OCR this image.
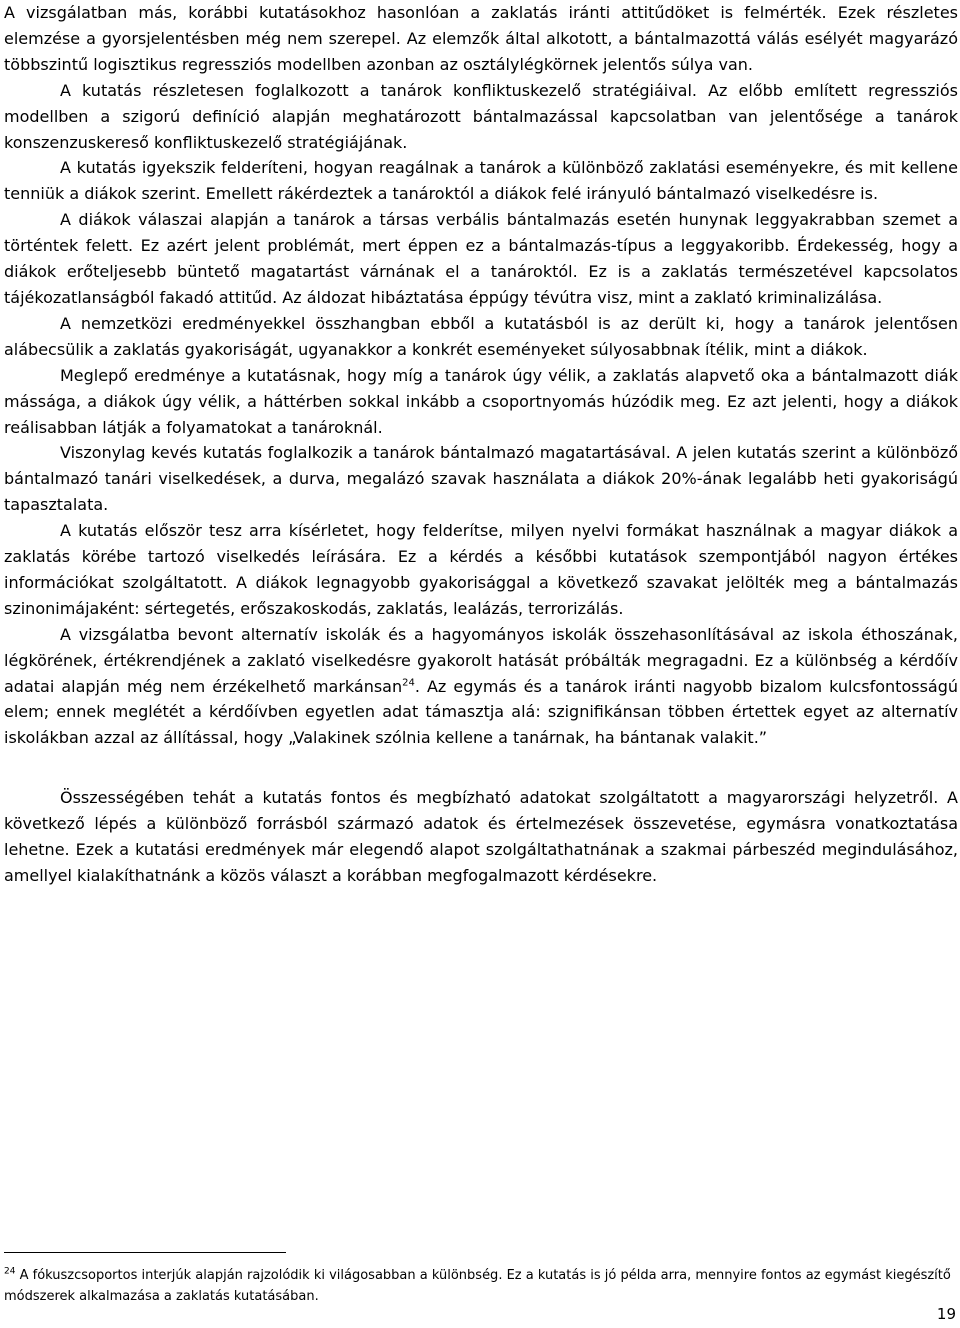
A vizsgálatban más, korábbi kutatásokhoz hasonlóan a zaklatás iránti attitűdöket is felmérték. Ezek részletes elemzése a gyorsjelentésben még nem szerepel. Az elemzők által alkotott, a bántalmazottá válás esélyét magyarázó többszintű logisztikus regressziós modellben azonban az osztálylégkörnek jelentős súlya van.

A kutatás részletesen foglalkozott a tanárok konfliktuskezelő stratégiáival. Az előbb említett regressziós modellben a szigorú definíció alapján meghatározott bántalmazással kapcsolatban van jelentősége a tanárok konszenzuskereső konfliktuskezelő stratégiájának.

A kutatás igyekszik felderíteni, hogyan reagálnak a tanárok a különböző zaklatási eseményekre, és mit kellene tenniük a diákok szerint. Emellett rákérdeztek a tanároktól a diákok felé irányuló bántalmazó viselkedésre is.

A diákok válaszai alapján a tanárok a társas verbális bántalmazás esetén hunynak leggyakrabban szemet a történtek felett. Ez azért jelent problémát, mert éppen ez a bántalmazás-típus a leggyakoribb. Érdekesség, hogy a diákok erőteljesebb büntető magatartást várnának el a tanároktól. Ez is a zaklatás természetével kapcsolatos tájékozatlanságból fakadó attitűd. Az áldozat hibáztatása éppúgy tévútra visz, mint a zaklató kriminalizálása.

A nemzetközi eredményekkel összhangban ebből a kutatásból is az derült ki, hogy a tanárok jelentősen alábecsülik a zaklatás gyakoriságát, ugyanakkor a konkrét eseményeket súlyosabbnak ítélik, mint a diákok.

Meglepő eredménye a kutatásnak, hogy míg a tanárok úgy vélik, a zaklatás alapvető oka a bántalmazott diák mássága, a diákok úgy vélik, a háttérben sokkal inkább a csoportnyomás húzódik meg. Ez azt jelenti, hogy a diákok reálisabban látják a folyamatokat a tanároknál.

Viszonylag kevés kutatás foglalkozik a tanárok bántalmazó magatartásával. A jelen kutatás szerint a különböző bántalmazó tanári viselkedések, a durva, megalázó szavak használata a diákok 20%-ának legalább heti gyakoriságú tapasztalata.

A kutatás először tesz arra kísérletet, hogy felderítse, milyen nyelvi formákat használnak a magyar diákok a zaklatás körébe tartozó viselkedés leírására. Ez a kérdés a későbbi kutatások szempontjából nagyon értékes információkat szolgáltatott. A diákok legnagyobb gyakorisággal a következő szavakat jelölték meg a bántalmazás szinonimájaként: sértegetés, erőszakoskodás, zaklatás, lealázás, terrorizálás.

A vizsgálatba bevont alternatív iskolák és a hagyományos iskolák összehasonlításával az iskola éthoszának, légkörének, értékrendjének a zaklató viselkedésre gyakorolt hatását próbálták megragadni. Ez a különbség a kérdőív adatai alapján még nem érzékelhető markánsan$^{24}$. Az egymás és a tanárok iránti nagyobb bizalom kulcsfontosságú elem; ennek meglétét a kérdőívben egyetlen adat támasztja alá: szignifikánsan többen értettek egyet az alternatív iskolákban azzal az állítással, hogy „Valakinek szólnia kellene a tanárnak, ha bántanak valakit.”

Összességében tehát a kutatás fontos és megbízható adatokat szolgáltatott a magyarországi helyzetről. A következő lépés a különböző forrásból származó adatok és értelmezések összevetése, egymásra vonatkoztatása lehetne. Ezek a kutatási eredmények már elegendő alapot szolgáltathatnának a szakmai párbeszéd megindulásához, amellyel kialakíthatnánk a közös választ a korábban megfogalmazott kérdésekre.

$^{24}$ A fókuszcsoportos interjúk alapján rajzolódik ki világosabban a különbség. Ez a kutatás is jó példa arra, mennyire fontos az egymást kiegészítő módszerek alkalmazása a zaklatás kutatásában.
19
